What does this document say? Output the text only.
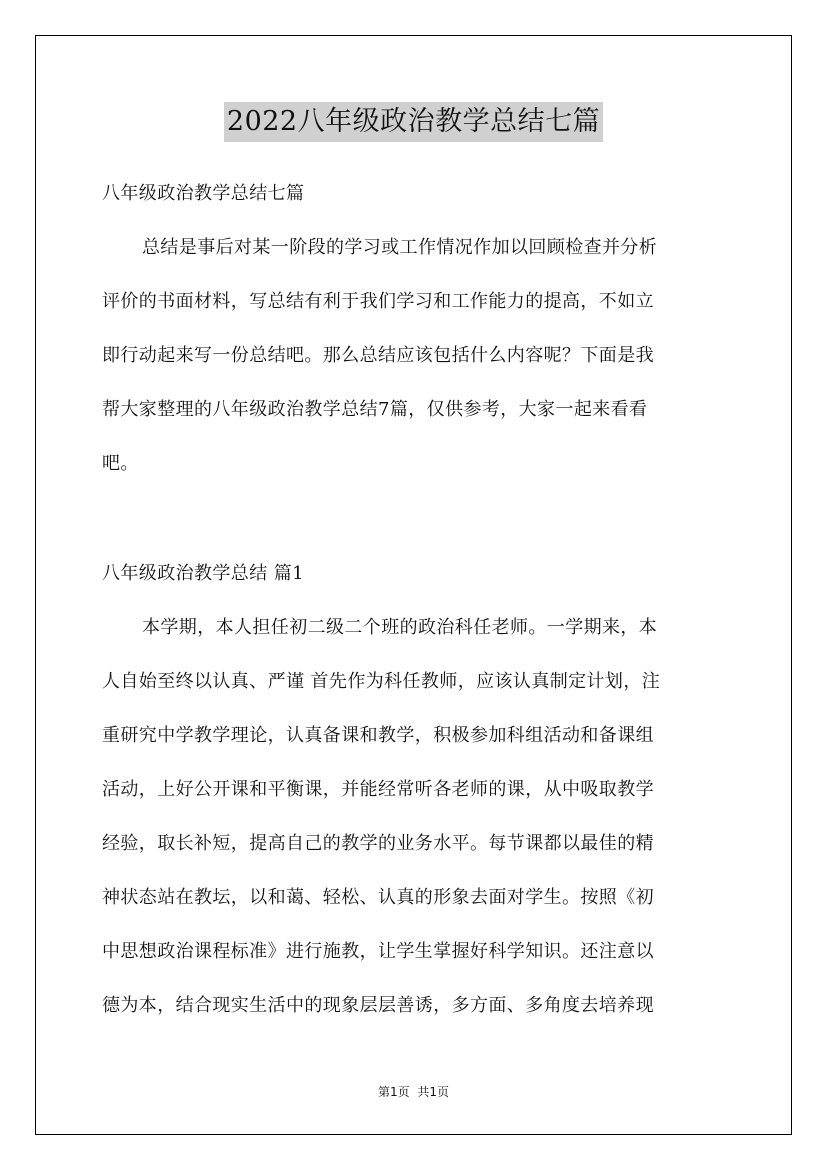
2022八年级政治教学总结七篇
八年级政治教学总结七篇
总结是事后对某一阶段的学习或工作情况作加以回顾检查并分析
评价的书面材料，写总结有利于我们学习和工作能力的提高，不如立
即行动起来写一份总结吧。那么总结应该包括什么内容呢？下面是我
帮大家整理的八年级政治教学总结7篇，仅供参考，大家一起来看看
吧。
八年级政治教学总结 篇1
本学期，本人担任初二级二个班的政治科任老师。一学期来，本
人自始至终以认真、严谨 首先作为科任教师，应该认真制定计划，注
重研究中学教学理论，认真备课和教学，积极参加科组活动和备课组
活动，上好公开课和平衡课，并能经常听各老师的课，从中吸取教学
经验，取长补短，提高自己的教学的业务水平。每节课都以最佳的精
神状态站在教坛，以和蔼、轻松、认真的形象去面对学生。按照《初
中思想政治课程标准》进行施教，让学生掌握好科学知识。还注意以
德为本，结合现实生活中的现象层层善诱，多方面、多角度去培养现
第1页 共1页
